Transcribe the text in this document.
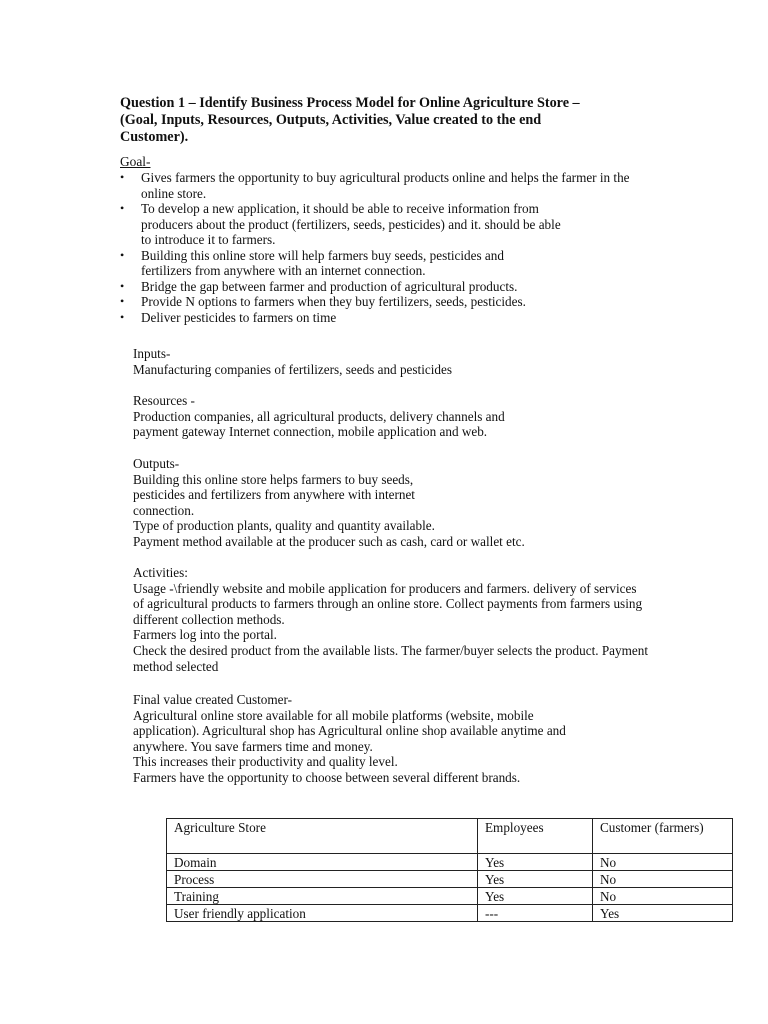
Question 1 – Identify Business Process Model for Online Agriculture Store –
(Goal, Inputs, Resources, Outputs, Activities, Value created to the end
Customer).
Goal-
•	Gives farmers the opportunity to buy agricultural products online and helps the farmer in the
online store.
•	To develop a new application, it should be able to receive information from
producers about the product (fertilizers, seeds, pesticides) and it. should be able
to introduce it to farmers.
•	Building this online store will help farmers buy seeds, pesticides and
fertilizers from anywhere with an internet connection.
•	Bridge the gap between farmer and production of agricultural products.
•	Provide N options to farmers when they buy fertilizers, seeds, pesticides.
•	Deliver pesticides to farmers on time
Inputs-
Manufacturing companies of fertilizers, seeds and pesticides
Resources -
Production companies, all agricultural products, delivery channels and
payment gateway Internet connection, mobile application and web.
Outputs-
Building this online store helps farmers to buy seeds,
pesticides and fertilizers from anywhere with internet
connection.
Type of production plants, quality and quantity available.
Payment method available at the producer such as cash, card or wallet etc.
Activities:
Usage -\friendly website and mobile application for producers and farmers. delivery of services
of agricultural products to farmers through an online store. Collect payments from farmers using
different collection methods.
Farmers log into the portal.
Check the desired product from the available lists. The farmer/buyer selects the product. Payment
method selected
Final value created Customer-
Agricultural online store available for all mobile platforms (website, mobile
application). Agricultural shop has Agricultural online shop available anytime and
anywhere. You save farmers time and money.
This increases their productivity and quality level.
Farmers have the opportunity to choose between several different brands.
Agriculture Store	Employees	Customer (farmers)
Domain	Yes	No
Process	Yes	No
Training	Yes	No
User friendly application	---	Yes
